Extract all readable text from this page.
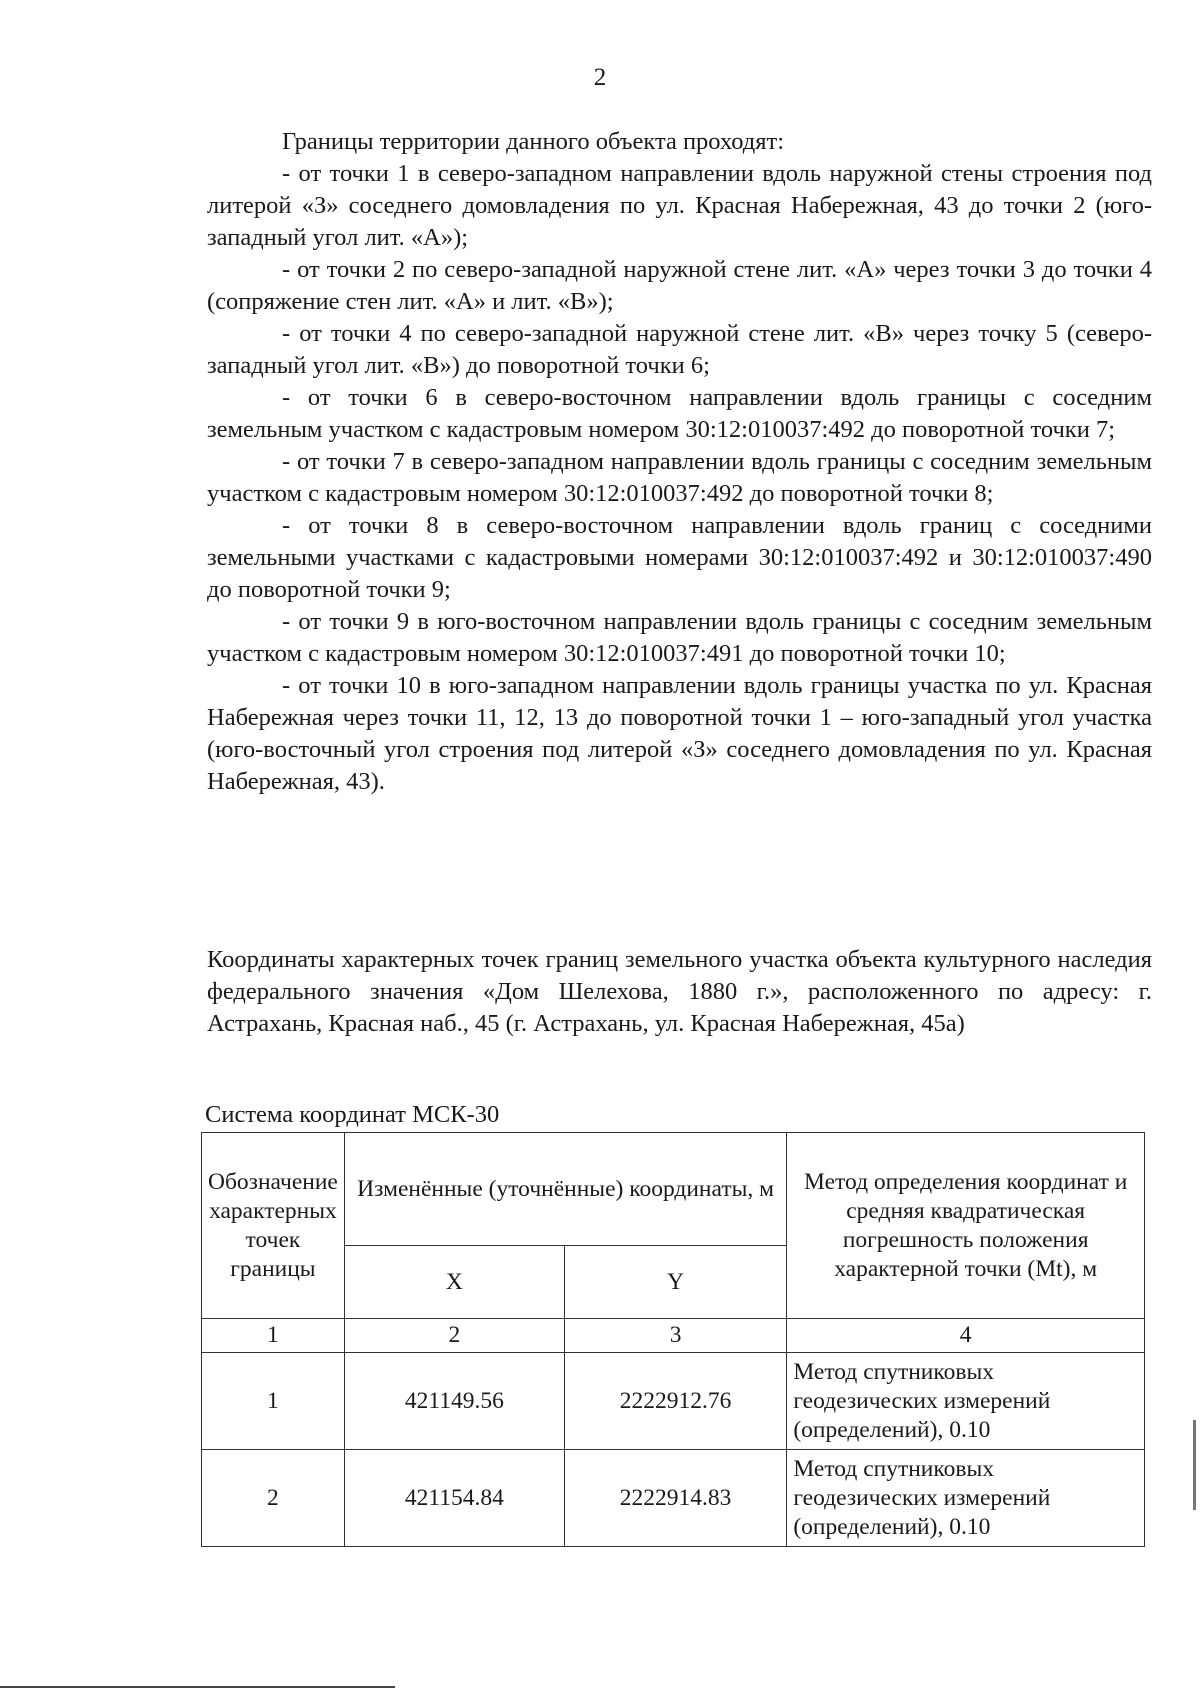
2

Границы территории данного объекта проходят:

- от точки 1 в северо-западном направлении вдоль наружной стены строения под литерой «З» соседнего домовладения по ул. Красная Набережная, 43 до точки 2 (юго-западный угол лит. «А»);

- от точки 2 по северо-западной наружной стене лит. «А» через точки 3 до точки 4 (сопряжение стен лит. «А» и лит. «В»);

- от точки 4 по северо-западной наружной стене лит. «В» через точку 5 (северо-западный угол лит. «В») до поворотной точки 6;

- от точки 6 в северо-восточном направлении вдоль границы с соседним земельным участком с кадастровым номером 30:12:010037:492 до поворотной точки 7;

- от точки 7 в северо-западном направлении вдоль границы с соседним земельным участком с кадастровым номером 30:12:010037:492 до поворотной точки 8;

- от точки 8 в северо-восточном направлении вдоль границ с соседними земельными участками с кадастровыми номерами 30:12:010037:492 и 30:12:010037:490 до поворотной точки 9;

- от точки 9 в юго-восточном направлении вдоль границы с соседним земельным участком с кадастровым номером 30:12:010037:491 до поворотной точки 10;

- от точки 10 в юго-западном направлении вдоль границы участка по ул. Красная Набережная через точки 11, 12, 13 до поворотной точки 1 – юго-западный угол участка (юго-восточный угол строения под литерой «З» соседнего домовладения по ул. Красная Набережная, 43).

Координаты характерных точек границ земельного участка объекта культурного наследия федерального значения «Дом Шелехова, 1880 г.», расположенного по адресу: г. Астрахань, Красная наб., 45 (г. Астрахань, ул. Красная Набережная, 45а)

Система координат МСК-30
Обозначение характерных точек границы	Изменённые (уточнённые) координаты, м		Метод определения координат и средняя квадратическая погрешность положения характерной точки (Mt), м
	X	Y	
1	2	3	4
1	421149.56	2222912.76	Метод спутниковых геодезических измерений (определений), 0.10
2	421154.84	2222914.83	Метод спутниковых геодезических измерений (определений), 0.10
